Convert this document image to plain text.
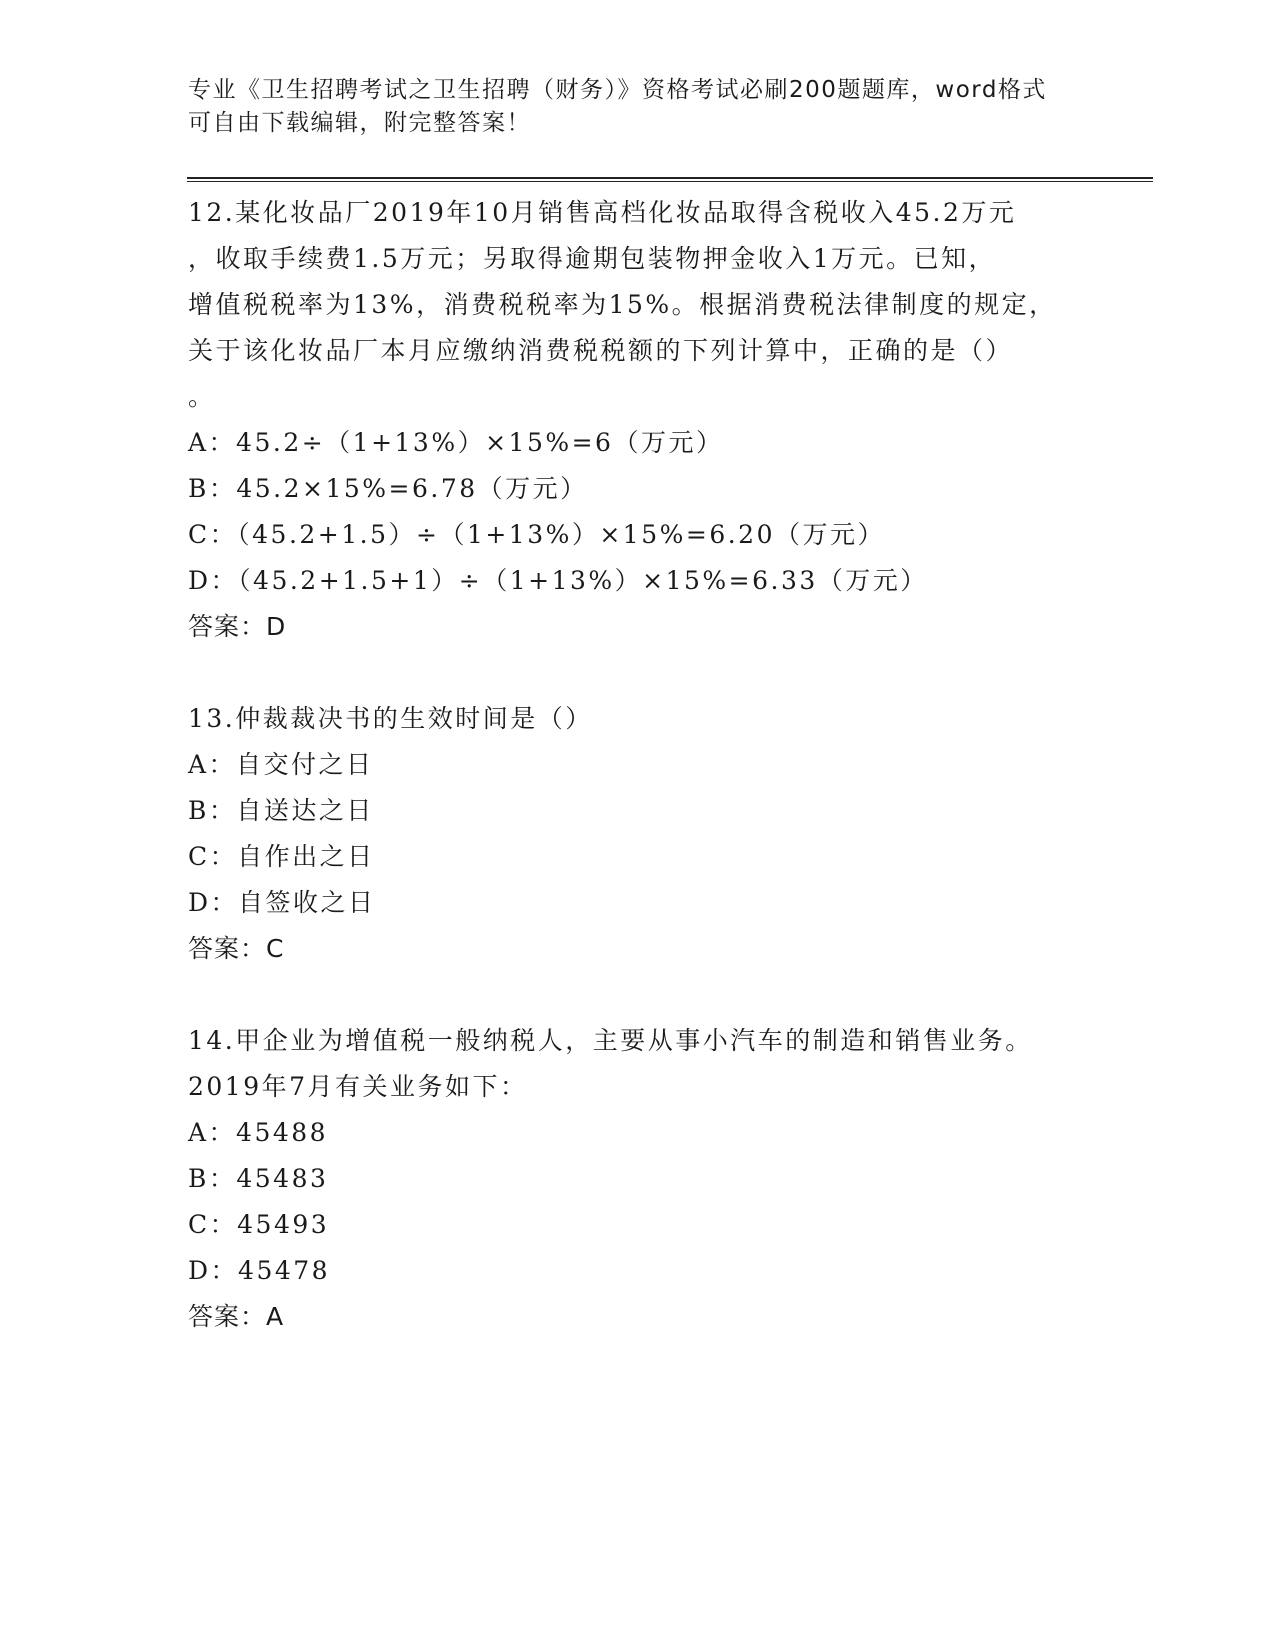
专业《卫生招聘考试之卫生招聘（财务）》资格考试必刷200题题库，word格式

可自由下载编辑，附完整答案！

12.某化妆品厂2019年10月销售高档化妆品取得含税收入45.2万元

，收取手续费1.5万元；另取得逾期包装物押金收入1万元。已知，

增值税税率为13%，消费税税率为15%。根据消费税法律制度的规定，

关于该化妆品厂本月应缴纳消费税税额的下列计算中，正确的是（）

。

A：45.2÷（1+13%）×15%=6（万元）

B：45.2×15%=6.78（万元）

C：（45.2+1.5）÷（1+13%）×15%=6.20（万元）

D：（45.2+1.5+1）÷（1+13%）×15%=6.33（万元）

答案：D

13.仲裁裁决书的生效时间是（）

A：自交付之日

B：自送达之日

C：自作出之日

D：自签收之日

答案：C

14.甲企业为增值税一般纳税人，主要从事小汽车的制造和销售业务。

2019年7月有关业务如下：

A：45488

B：45483

C：45493

D：45478

答案：A
